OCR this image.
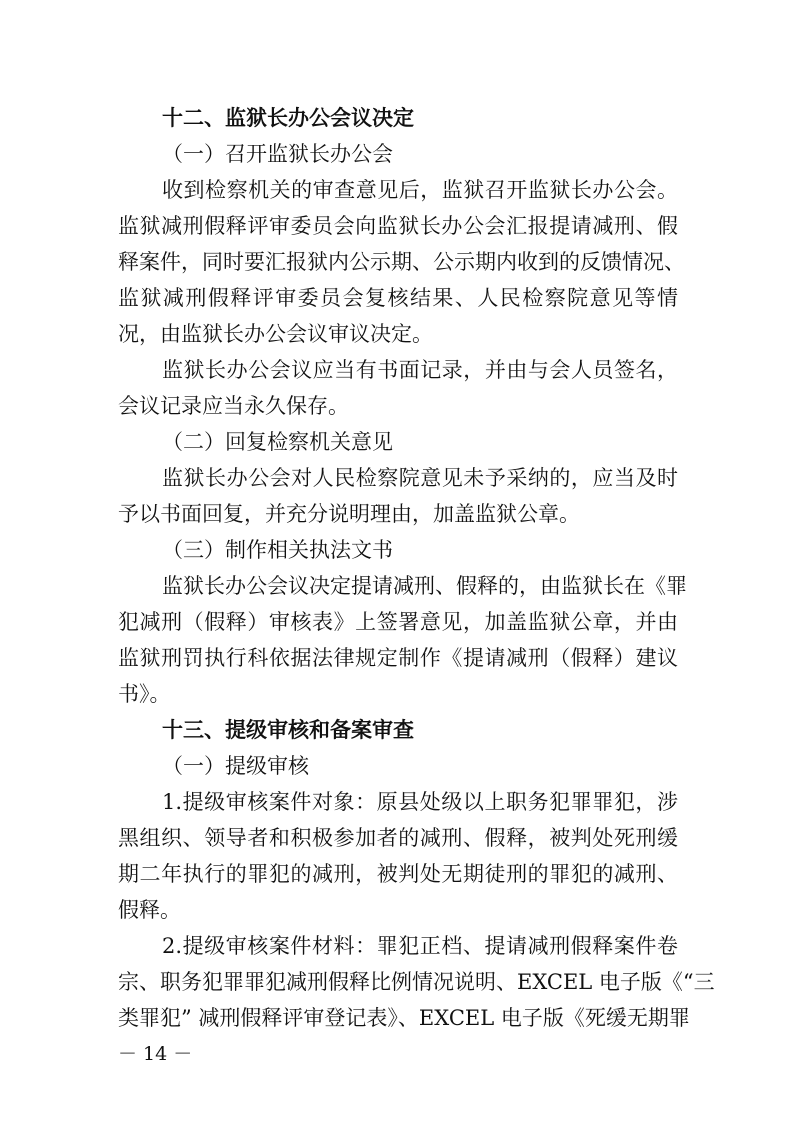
十二、监狱长办公会议决定
（一）召开监狱长办公会
收到检察机关的审查意见后，监狱召开监狱长办公会。
监狱减刑假释评审委员会向监狱长办公会汇报提请减刑、假
释案件，同时要汇报狱内公示期、公示期内收到的反馈情况、
监狱减刑假释评审委员会复核结果、人民检察院意见等情
况，由监狱长办公会议审议决定。
监狱长办公会议应当有书面记录，并由与会人员签名，
会议记录应当永久保存。
（二）回复检察机关意见
监狱长办公会对人民检察院意见未予采纳的，应当及时
予以书面回复，并充分说明理由，加盖监狱公章。
（三）制作相关执法文书
监狱长办公会议决定提请减刑、假释的，由监狱长在《罪
犯减刑（假释）审核表》上签署意见，加盖监狱公章，并由
监狱刑罚执行科依据法律规定制作《提请减刑（假释）建议
书》。
十三、提级审核和备案审查
（一）提级审核
1.提级审核案件对象：原县处级以上职务犯罪罪犯，涉
黑组织、领导者和积极参加者的减刑、假释，被判处死刑缓
期二年执行的罪犯的减刑，被判处无期徒刑的罪犯的减刑、
假释。
2.提级审核案件材料：罪犯正档、提请减刑假释案件卷
宗、职务犯罪罪犯减刑假释比例情况说明、EXCEL 电子版《“三
类罪犯” 减刑假释评审登记表》、EXCEL 电子版《死缓无期罪
－ 14 －
